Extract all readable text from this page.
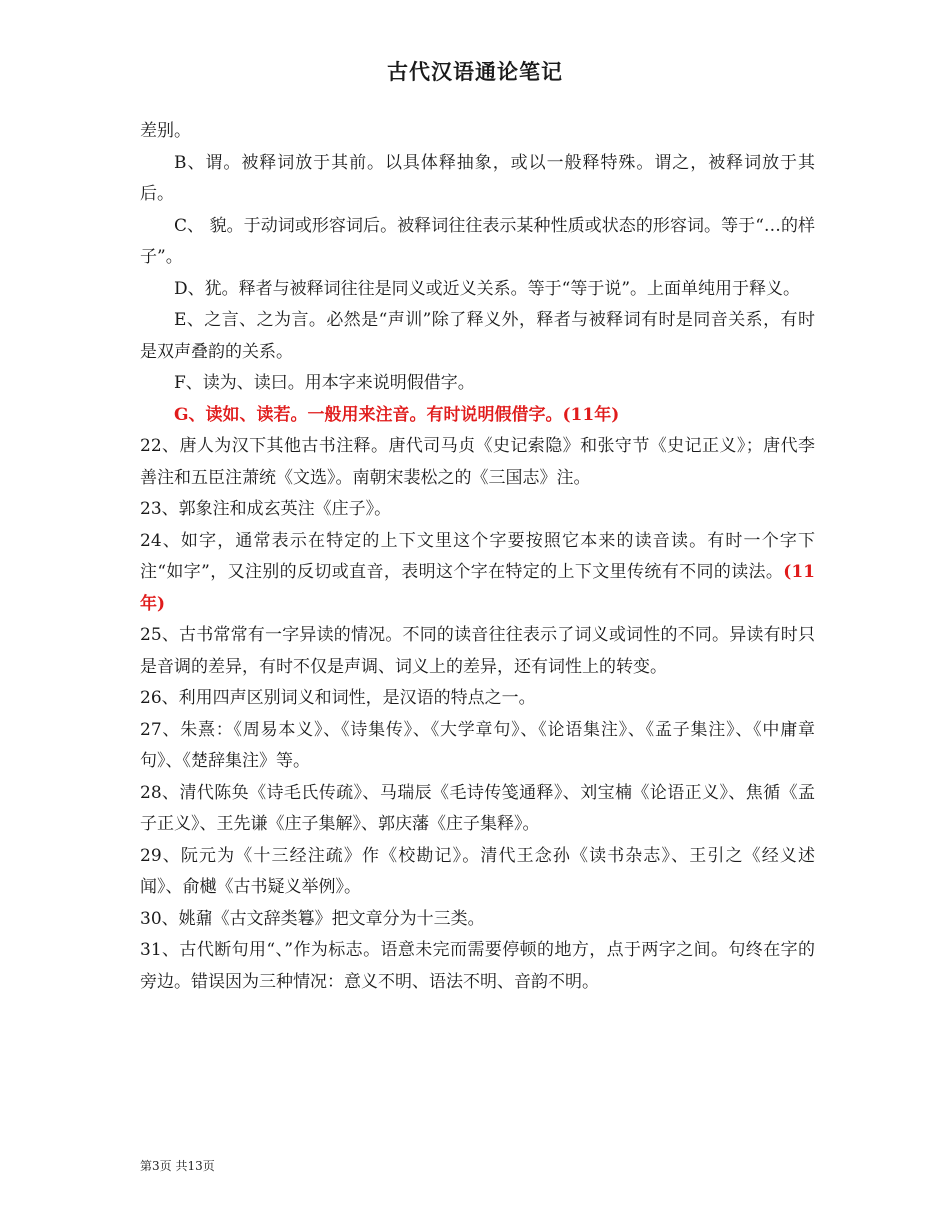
古代汉语通论笔记

差别。

B、谓。被释词放于其前。以具体释抽象，或以一般释特殊。谓之，被释词放于其后。

C、 貌。于动词或形容词后。被释词往往表示某种性质或状态的形容词。等于“…的样子”。

D、犹。释者与被释词往往是同义或近义关系。等于“等于说”。上面单纯用于释义。

E、之言、之为言。必然是“声训”除了释义外，释者与被释词有时是同音关系，有时是双声叠韵的关系。

F、读为、读曰。用本字来说明假借字。

G、读如、读若。一般用来注音。有时说明假借字。(11年)

22、唐人为汉下其他古书注释。唐代司马贞《史记索隐》和张守节《史记正义》；唐代李善注和五臣注萧统《文选》。南朝宋裴松之的《三国志》注。

23、郭象注和成玄英注《庄子》。

24、如字，通常表示在特定的上下文里这个字要按照它本来的读音读。有时一个字下注“如字”，又注别的反切或直音，表明这个字在特定的上下文里传统有不同的读法。(11年)

25、古书常常有一字异读的情况。不同的读音往往表示了词义或词性的不同。异读有时只是音调的差异，有时不仅是声调、词义上的差异，还有词性上的转变。

26、利用四声区别词义和词性，是汉语的特点之一。

27、朱熹：《周易本义》、《诗集传》、《大学章句》、《论语集注》、《孟子集注》、《中庸章句》、《楚辞集注》等。

28、清代陈奂《诗毛氏传疏》、马瑞辰《毛诗传笺通释》、刘宝楠《论语正义》、焦循《孟子正义》、王先谦《庄子集解》、郭庆藩《庄子集释》。

29、阮元为《十三经注疏》作《校勘记》。清代王念孙《读书杂志》、王引之《经义述闻》、俞樾《古书疑义举例》。

30、姚鼐《古文辞类篹》把文章分为十三类。

31、古代断句用“、”作为标志。语意未完而需要停顿的地方，点于两字之间。句终在字的旁边。错误因为三种情况：意义不明、语法不明、音韵不明。

第3页 共13页
